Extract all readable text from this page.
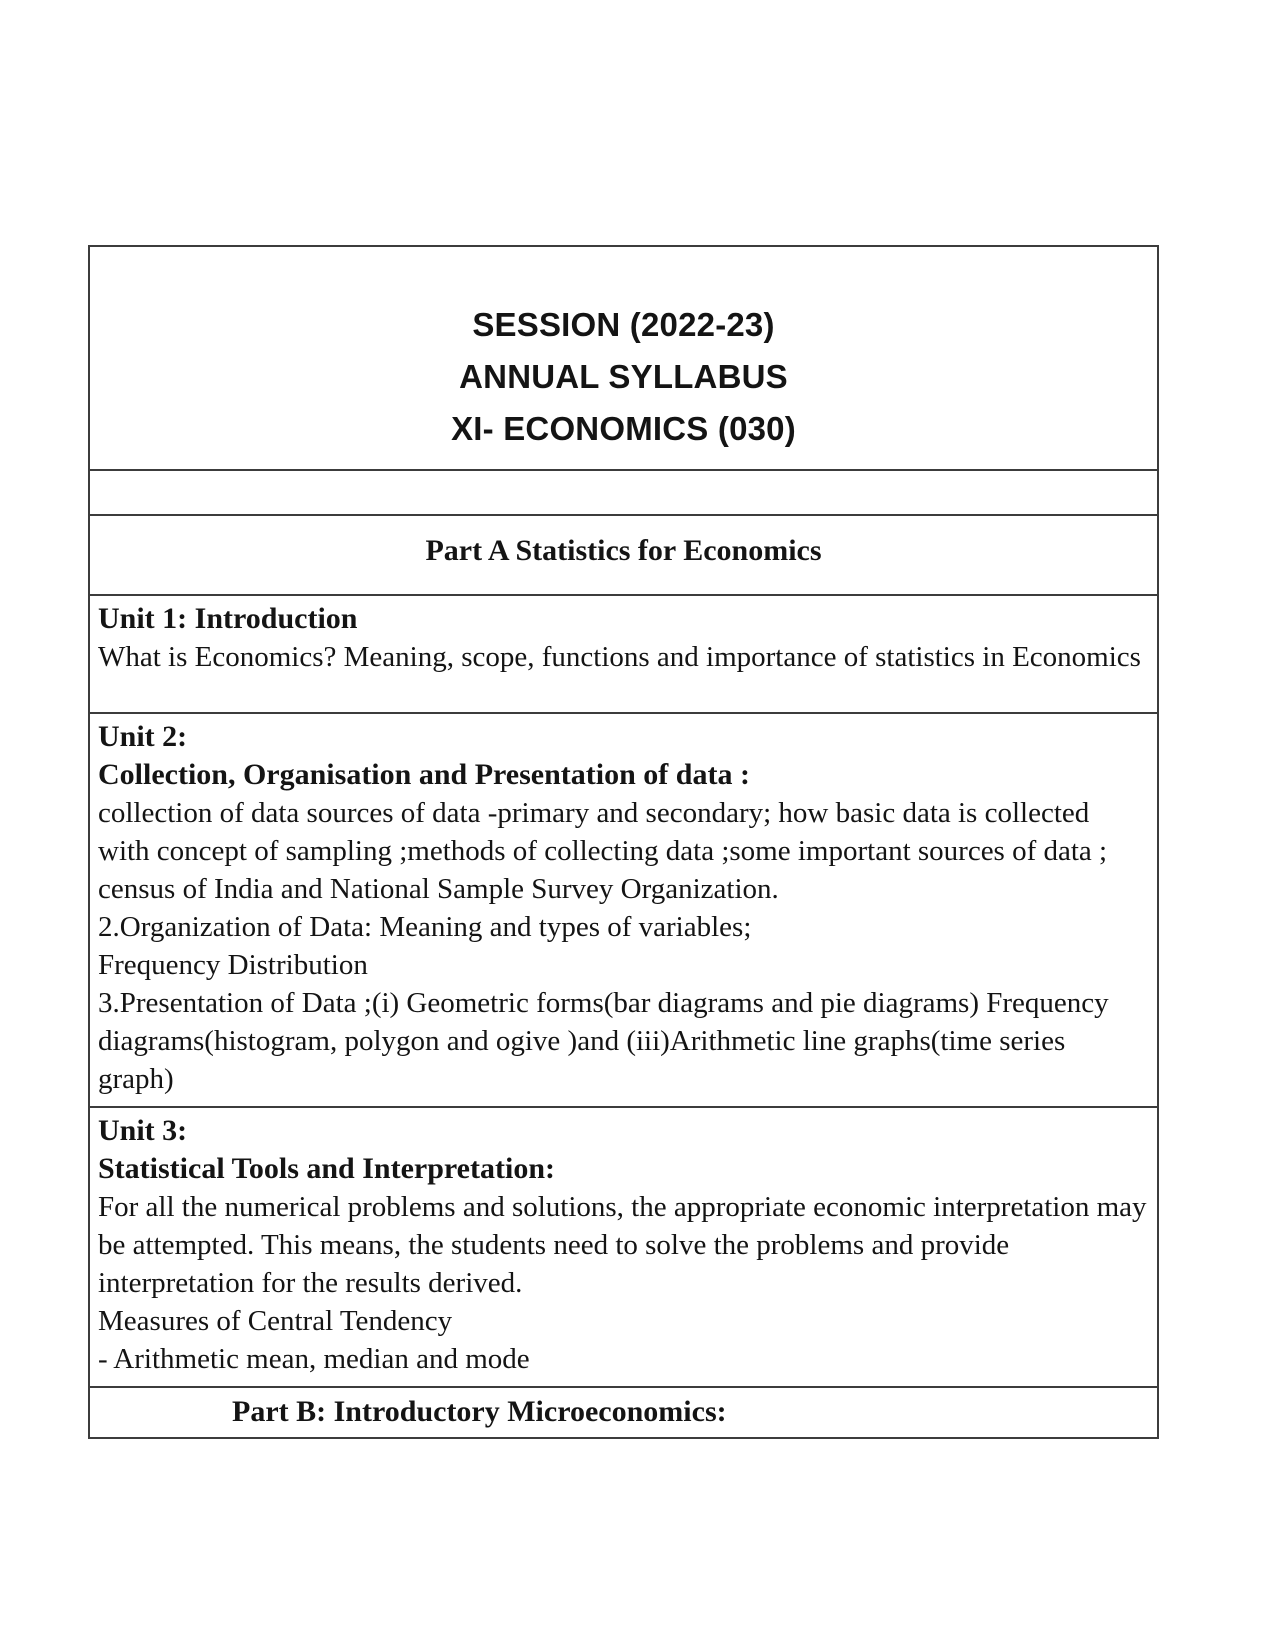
SESSION (2022-23)
ANNUAL SYLLABUS
XI- ECONOMICS (030)
Part A Statistics for Economics
Unit 1: Introduction
What is Economics? Meaning, scope, functions and importance of statistics in Economics
Unit 2:
Collection, Organisation and Presentation of data :
collection of data sources of data -primary and secondary; how basic data is collected with concept of sampling ;methods of collecting data ;some important sources of data ; census of India and National Sample Survey Organization.
2.Organization of Data: Meaning and types of variables;
Frequency Distribution
3.Presentation of Data ;(i) Geometric forms(bar diagrams and pie diagrams) Frequency diagrams(histogram, polygon and ogive )and (iii)Arithmetic line graphs(time series graph)
Unit 3:
Statistical Tools and Interpretation:
For all the numerical problems and solutions, the appropriate economic interpretation may be attempted. This means, the students need to solve the problems and provide interpretation for the results derived.
Measures of Central Tendency
- Arithmetic mean, median and mode
Part B: Introductory Microeconomics:
